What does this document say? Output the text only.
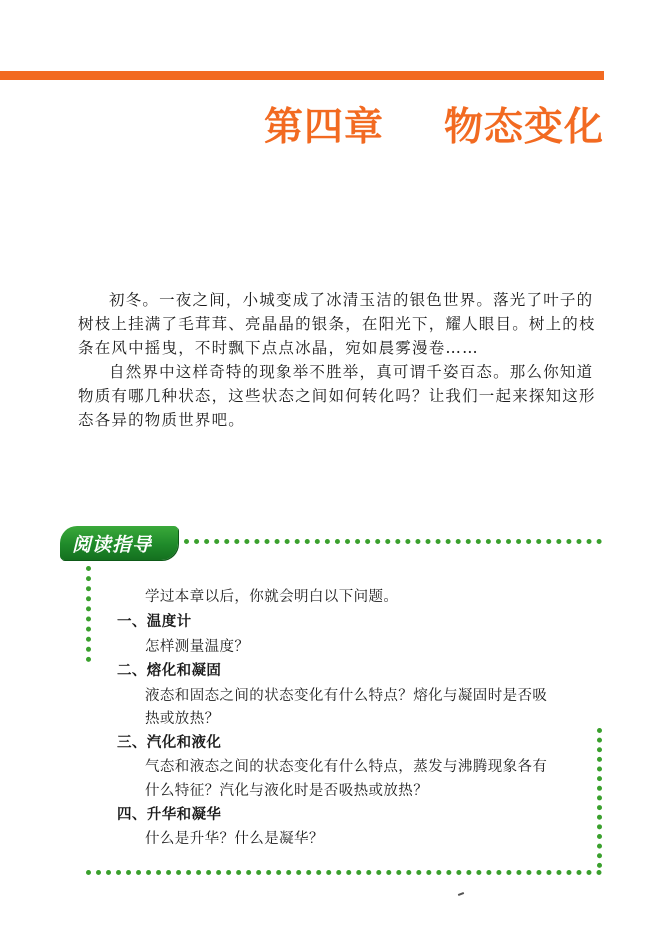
第四章 物态变化

初冬。一夜之间，小城变成了冰清玉洁的银色世界。落光了叶子的树枝上挂满了毛茸茸、亮晶晶的银条，在阳光下，耀人眼目。树上的枝条在风中摇曳，不时飘下点点冰晶，宛如晨雾漫卷……

自然界中这样奇特的现象举不胜举，真可谓千姿百态。那么你知道物质有哪几种状态，这些状态之间如何转化吗？让我们一起来探知这形态各异的物质世界吧。

阅读指导
学过本章以后，你就会明白以下问题。
一、温度计
怎样测量温度？
二、熔化和凝固
液态和固态之间的状态变化有什么特点？熔化与凝固时是否吸
热或放热？
三、汽化和液化
气态和液态之间的状态变化有什么特点，蒸发与沸腾现象各有
什么特征？汽化与液化时是否吸热或放热？
四、升华和凝华
什么是升华？什么是凝华？
